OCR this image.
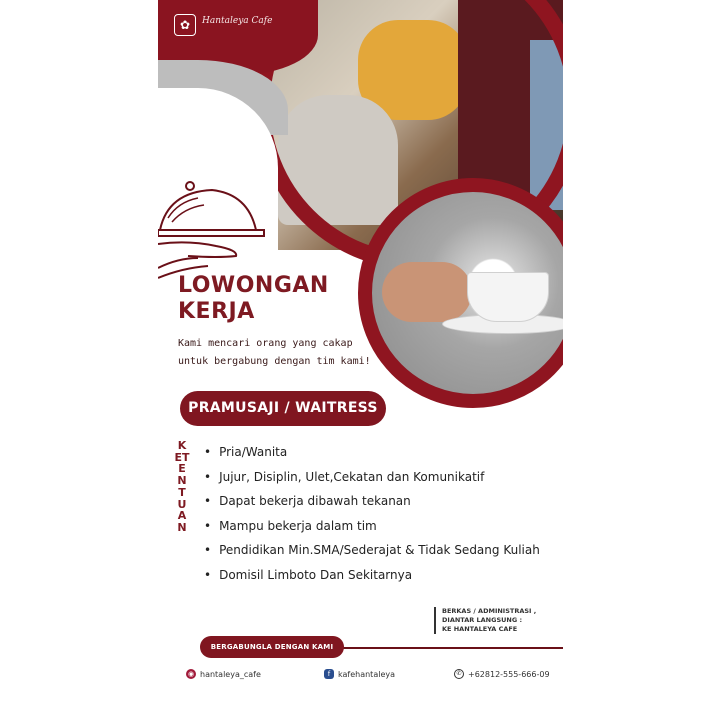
✿	Hantaleya Cafe
LOWONGAN
KERJA
Kami mencari orang yang cakap
untuk bergabung dengan tim kami!
PRAMUSAJI / WAITRESS
KETENTUAN
• Pria/Wanita
• Jujur, Disiplin, Ulet,Cekatan dan Komunikatif
• Dapat bekerja dibawah tekanan
• Mampu bekerja dalam tim
• Pendidikan Min.SMA/Sederajat & Tidak Sedang Kuliah
• Domisil Limboto Dan Sekitarnya
BERKAS / ADMINISTRASI ,
DIANTAR LANGSUNG :
KE HANTALEYA CAFE
BERGABUNGLA DENGAN KAMI
◉ hantaleya_cafe	f kafehantaleya	✆ +62812-555-666-09
